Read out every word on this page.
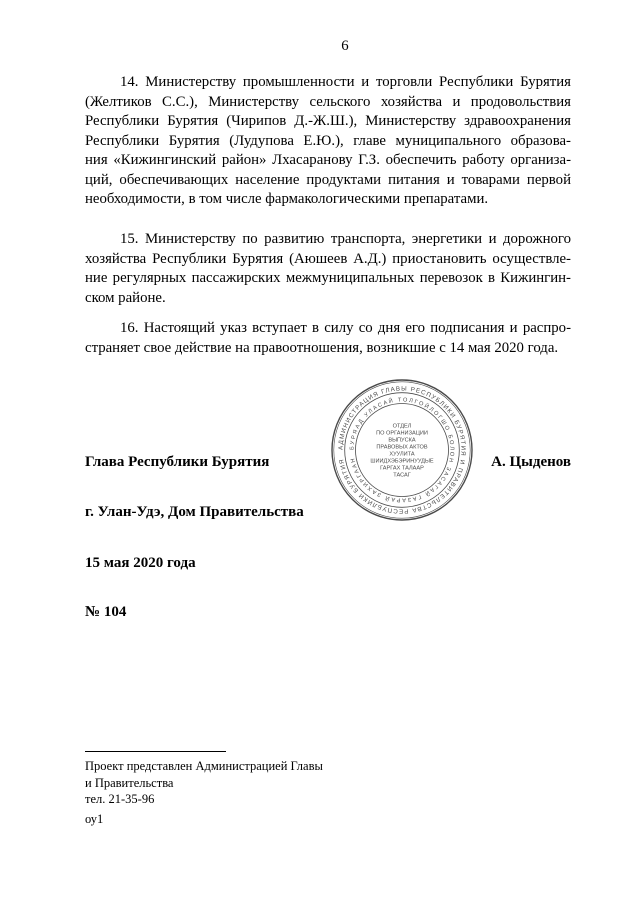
6
14. Министерству промышленности и торговли Республики Бурятия
(Желтиков С.С.), Министерству сельского хозяйства и продовольствия
Республики Бурятия (Чирипов Д.-Ж.Ш.), Министерству здравоохранения
Республики Бурятия (Лудупова Е.Ю.), главе муниципального образова-
ния «Кижингинский район» Лхасаранову Г.З. обеспечить работу организа-
ций, обеспечивающих население продуктами питания и товарами первой
необходимости, в том числе фармакологическими препаратами.
15. Министерству по развитию транспорта, энергетики и дорожного
хозяйства Республики Бурятия (Аюшеев А.Д.) приостановить осуществле-
ние регулярных пассажирских межмуниципальных перевозок в Кижингин-
ском районе.
16. Настоящий указ вступает в силу со дня его подписания и распро-
страняет свое действие на правоотношения, возникшие с 14 мая 2020 года.
Глава Республики Бурятия
АДМИНИСТРАЦИЯ ГЛАВЫ РЕСПУБЛИКИ БУРЯТИЯ И ПРАВИТЕЛЬСТВА РЕСПУБЛИКИ БУРЯТИЯ
БУРЯАД УЛАСАЙ ТОЛГОЙЛОГШО БОЛОН ЗАСАГАЙ ГАЗАРАЙ ЗАХИРГААН
ОТДЕЛ
ПО ОРГАНИЗАЦИИ
ВЫПУСКА
ПРАВОВЫХ АКТОВ
ХУУЛИТА
ШИИДХЭБЭРИНУУДЫЕ
ГАРГАХ ТАЛААР
ТАСАГ
А. Цыденов
г. Улан-Удэ, Дом Правительства
15 мая 2020 года
№ 104
Проект представлен Администрацией Главы
и Правительства
тел. 21-35-96
оу1
